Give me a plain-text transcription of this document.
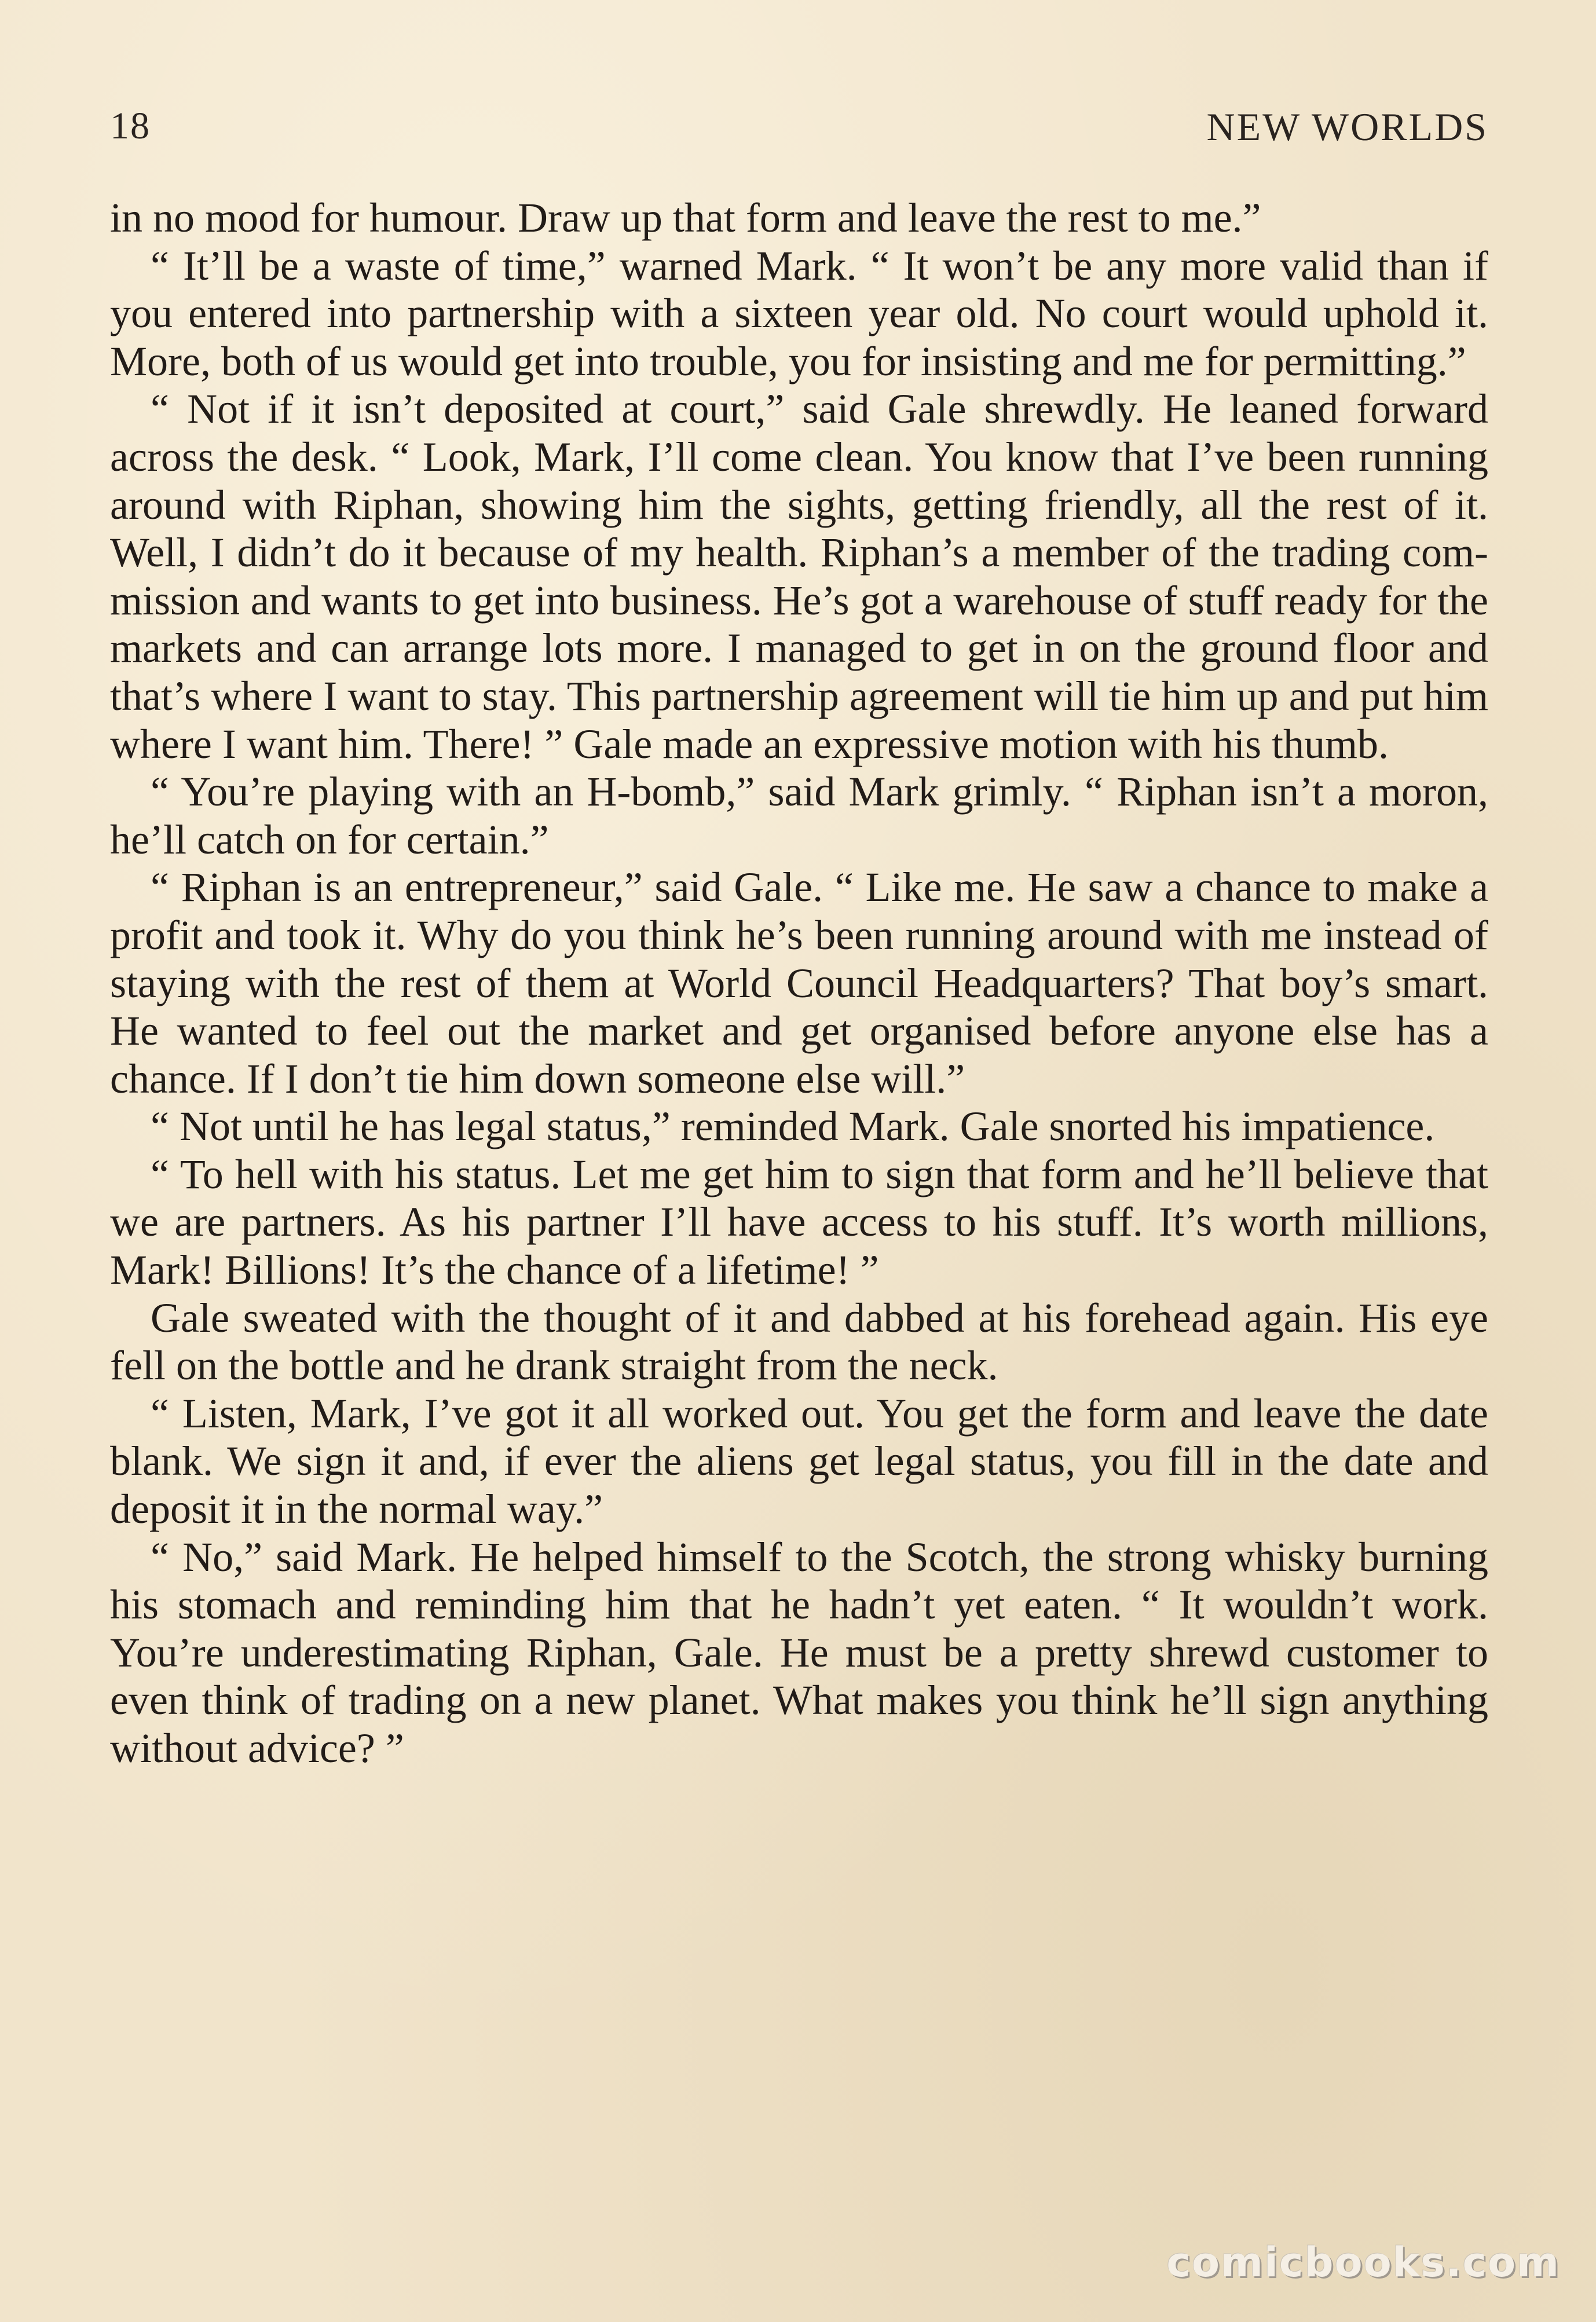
18	NEW WORLDS

in no mood for humour. Draw up that form and leave the rest to me.”

“ It’ll be a waste of time,” warned Mark. “ It won’t be any more valid than if you entered into partnership with a sixteen year old. No court would uphold it. More, both of us would get into trouble, you for insisting and me for permitting.”

“ Not if it isn’t deposited at court,” said Gale shrewdly. He leaned forward across the desk. “ Look, Mark, I’ll come clean. You know that I’ve been running around with Riphan, showing him the sights, getting friendly, all the rest of it. Well, I didn’t do it because of my health. Riphan’s a member of the trading commission and wants to get into business. He’s got a warehouse of stuff ready for the markets and can arrange lots more. I managed to get in on the ground floor and that’s where I want to stay. This partnership agreement will tie him up and put him where I want him. There! ” Gale made an expressive motion with his thumb.

“ You’re playing with an H-bomb,” said Mark grimly. “ Riphan isn’t a moron, he’ll catch on for certain.”

“ Riphan is an entrepreneur,” said Gale. “ Like me. He saw a chance to make a profit and took it. Why do you think he’s been running around with me instead of staying with the rest of them at World Council Headquarters? That boy’s smart. He wanted to feel out the market and get organised before anyone else has a chance. If I don’t tie him down someone else will.”

“ Not until he has legal status,” reminded Mark. Gale snorted his impatience.

“ To hell with his status. Let me get him to sign that form and he’ll believe that we are partners. As his partner I’ll have access to his stuff. It’s worth millions, Mark! Billions! It’s the chance of a lifetime! ”

Gale sweated with the thought of it and dabbed at his forehead again. His eye fell on the bottle and he drank straight from the neck.

“ Listen, Mark, I’ve got it all worked out. You get the form and leave the date blank. We sign it and, if ever the aliens get legal status, you fill in the date and deposit it in the normal way.”

“ No,” said Mark. He helped himself to the Scotch, the strong whisky burning his stomach and reminding him that he hadn’t yet eaten. “ It wouldn’t work. You’re underestimating Riphan, Gale. He must be a pretty shrewd customer to even think of trading on a new planet. What makes you think he’ll sign anything without advice? ”

comicbooks.com
